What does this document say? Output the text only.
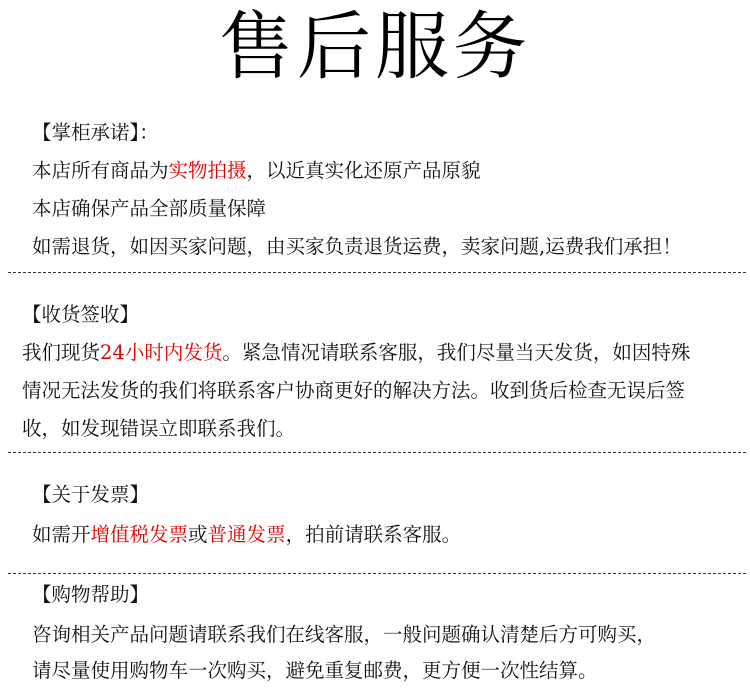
售后服务
【掌柜承诺】：
本店所有商品为实物拍摄，以近真实化还原产品原貌
本店确保产品全部质量保障
如需退货，如因买家问题，由买家负责退货运费，卖家问题,运费我们承担！
【收货签收】
我们现货24小时内发货。紧急情况请联系客服，我们尽量当天发货，如因特殊
情况无法发货的我们将联系客户协商更好的解决方法。收到货后检查无误后签
收，如发现错误立即联系我们。
【关于发票】
如需开增值税发票或普通发票，拍前请联系客服。
【购物帮助】
咨询相关产品问题请联系我们在线客服，一般问题确认清楚后方可购买，
请尽量使用购物车一次购买，避免重复邮费，更方便一次性结算。
